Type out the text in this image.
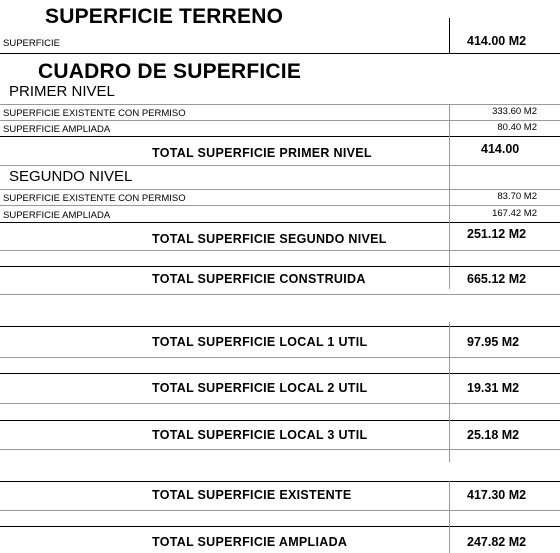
SUPERFICIE TERRENO
SUPERFICIE	414.00 M2
CUADRO DE SUPERFICIE
PRIMER NIVEL
SUPERFICIE EXISTENTE CON PERMISO	333.60 M2
SUPERFICIE AMPLIADA	80.40 M2
TOTAL SUPERFICIE PRIMER NIVEL	414.00
SEGUNDO NIVEL
SUPERFICIE EXISTENTE CON PERMISO	83.70 M2
SUPERFICIE AMPLIADA	167.42 M2
TOTAL SUPERFICIE SEGUNDO NIVEL	251.12 M2
TOTAL SUPERFICIE CONSTRUIDA	665.12 M2
TOTAL SUPERFICIE LOCAL 1 UTIL	97.95 M2
TOTAL SUPERFICIE LOCAL 2 UTIL	19.31 M2
TOTAL SUPERFICIE LOCAL 3 UTIL	25.18 M2
TOTAL SUPERFICIE EXISTENTE	417.30 M2
TOTAL SUPERFICIE AMPLIADA	247.82 M2
